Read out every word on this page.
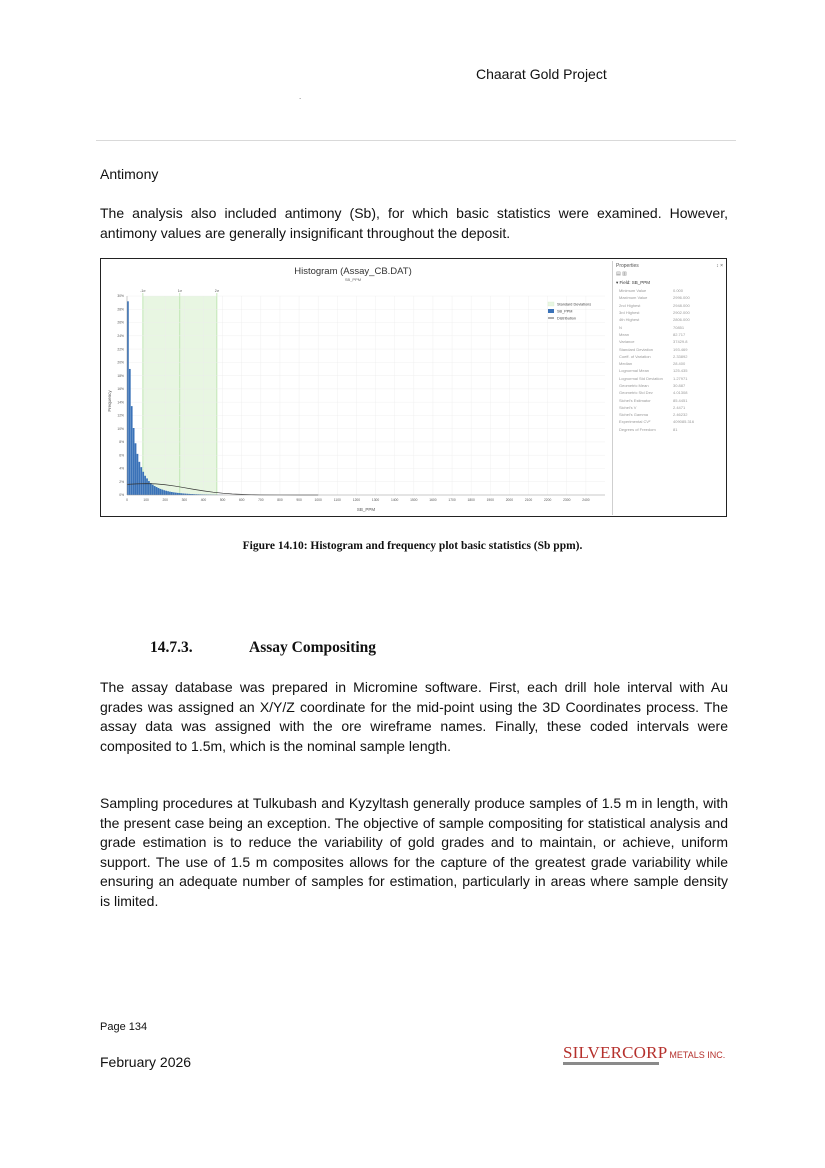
Chaarat Gold Project
.
Antimony
The analysis also included antimony (Sb), for which basic statistics were examined. However, antimony values are generally insignificant throughout the deposit.
Histogram (Assay_CB.DAT)
SB_PPM
-1σ	1σ	2σ
0	100	200	300	400	500	600	700	800	900	1000	1100	1200	1300	1400	1500	1600	1700	1800	1900	2000	2100	2200	2300	2400
0%
2%
4%
6%
8%
10%
12%
14%
16%
18%
20%
22%
24%
26%
28%
30%
SB_PPM
Frequency
Standard Deviations
SB_PPM
Distribution
Properties	↕ ×
▤ ▥
▾ Field: SB_PPM
Minimum Value	0.000
Maximum Value	2996.000
2nd Highest	2948.000
3rd Highest	2902.000
4th Highest	2806.000
N	70851
Mean	82.717
Variance	37429.8
Standard Deviation	193.469
Coeff. of Variation	2.33892
Median	28.400
Lognormal Mean	125.435
Lognormal Std Deviation	1.27971
Geometric Mean	30.887
Geometric Std Dev	4.01308
Sichel's Estimator	85.4451
Sichel's V	2.4471
Sichel's Gamma	2.46232
Experimental CV²	409085.316
Degrees of Freedom	81
Figure 14.10: Histogram and frequency plot basic statistics (Sb ppm).
14.7.3.	Assay Compositing
The assay database was prepared in Micromine software. First, each drill hole interval with Au grades was assigned an X/Y/Z coordinate for the mid-point using the 3D Coordinates process. The assay data was assigned with the ore wireframe names. Finally, these coded intervals were composited to 1.5m, which is the nominal sample length.
Sampling procedures at Tulkubash and Kyzyltash generally produce samples of 1.5 m in length, with the present case being an exception. The objective of sample compositing for statistical analysis and grade estimation is to reduce the variability of gold grades and to maintain, or achieve, uniform support. The use of 1.5 m composites allows for the capture of the greatest grade variability while ensuring an adequate number of samples for estimation, particularly in areas where sample density is limited.
Page 134
February 2026	SILVERCORP METALS INC.
